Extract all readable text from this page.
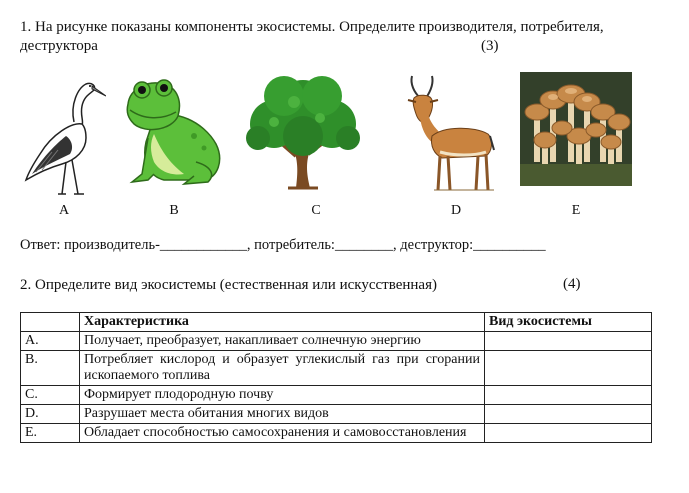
1. На рисунке показаны компоненты экосистемы. Определите производителя, потребителя,
деструктора	(3)
A	B	C	D	E
Ответ: производитель-____________, потребитель:________, деструктор:__________
2. Определите вид экосистемы (естественная или искусственная)	(4)
	Характеристика	Вид экосистемы
A.	Получает, преобразует, накапливает солнечную энергию	
B.	Потребляет кислород и образует углекислый газ при сгорании ископаемого топлива	
C.	Формирует плодородную почву	
D.	Разрушает места обитания многих видов	
E.	Обладает способностью самосохранения и самовосстановления	
